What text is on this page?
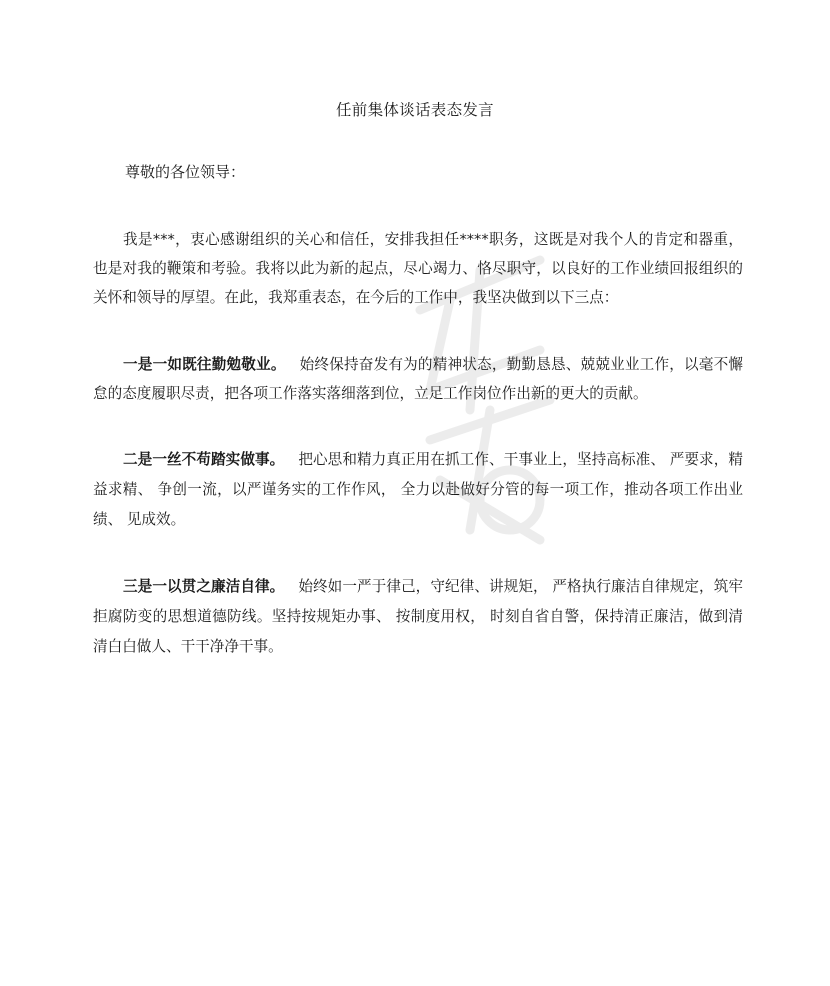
任前集体谈话表态发言
尊敬的各位领导：

我是***，衷心感谢组织的关心和信任，安排我担任****职务，这既是对我个人的肯定和器重，也是对我的鞭策和考验。我将以此为新的起点，尽心竭力、恪尽职守，以良好的工作业绩回报组织的关怀和领导的厚望。在此，我郑重表态，在今后的工作中，我坚决做到以下三点：

一是一如既往勤勉敬业。 始终保持奋发有为的精神状态，勤勤恳恳、兢兢业业工作，以毫不懈怠的态度履职尽责，把各项工作落实落细落到位，立足工作岗位作出新的更大的贡献。

二是一丝不苟踏实做事。 把心思和精力真正用在抓工作、干事业上，坚持高标准、 严要求，精益求精、 争创一流，以严谨务实的工作作风， 全力以赴做好分管的每一项工作，推动各项工作出业绩、 见成效。

三是一以贯之廉洁自律。 始终如一严于律己，守纪律、讲规矩， 严格执行廉洁自律规定，筑牢拒腐防变的思想道德防线。坚持按规矩办事、 按制度用权， 时刻自省自警，保持清正廉洁，做到清清白白做人、干干净净干事。
